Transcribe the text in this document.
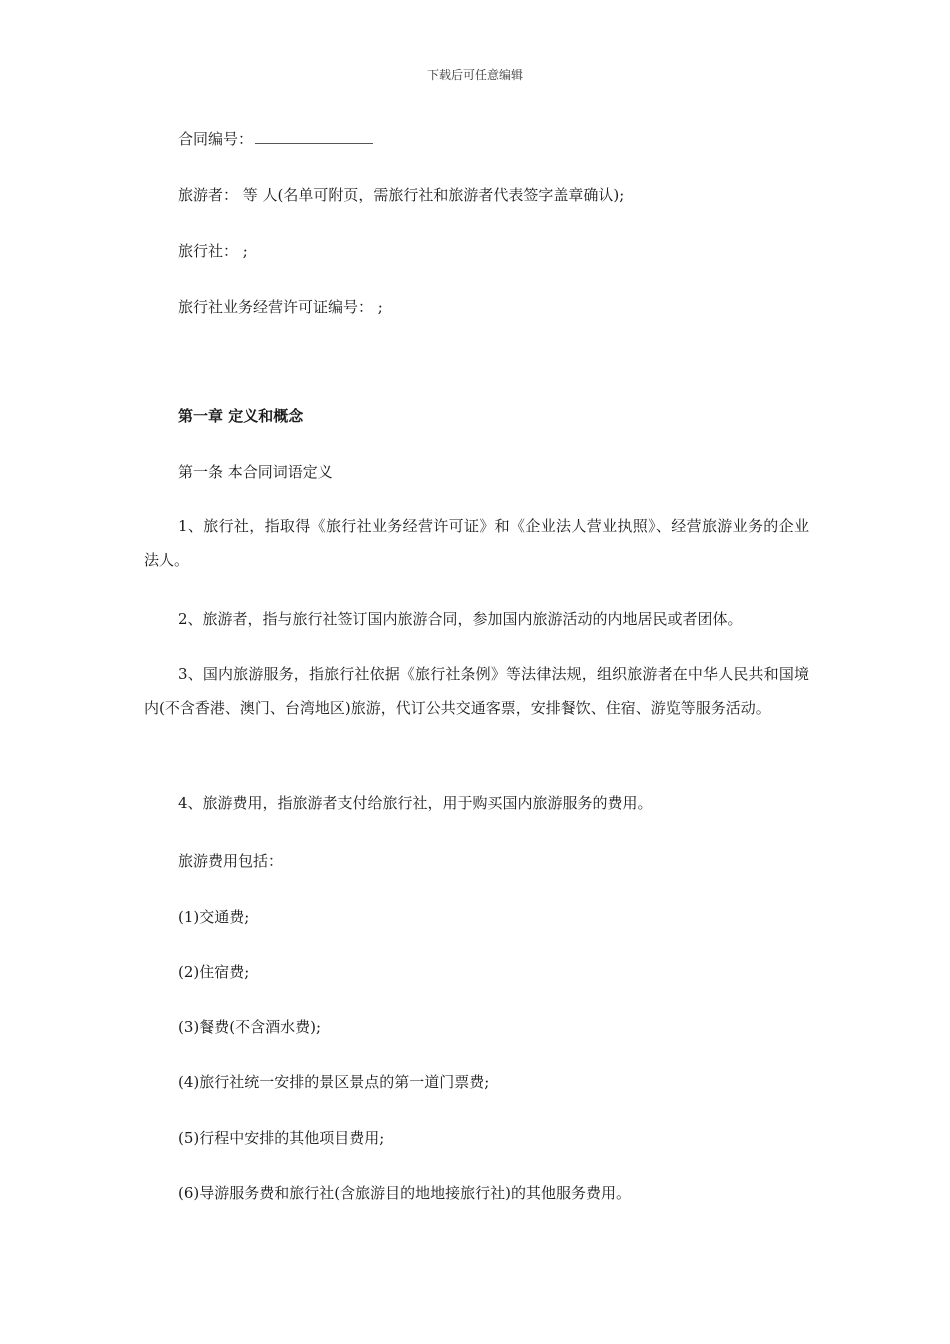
下载后可任意编辑
合同编号：
旅游者： 等 人(名单可附页，需旅行社和旅游者代表签字盖章确认);
旅行社： ;
旅行社业务经营许可证编号： ;
第一章 定义和概念
第一条 本合同词语定义
1、旅行社，指取得《旅行社业务经营许可证》和《企业法人营业执照》、经营旅游业务的企业法人。
2、旅游者，指与旅行社签订国内旅游合同，参加国内旅游活动的内地居民或者团体。
3、国内旅游服务，指旅行社依据《旅行社条例》等法律法规，组织旅游者在中华人民共和国境内(不含香港、澳门、台湾地区)旅游，代订公共交通客票，安排餐饮、住宿、游览等服务活动。
4、旅游费用，指旅游者支付给旅行社，用于购买国内旅游服务的费用。
旅游费用包括：
(1)交通费;
(2)住宿费;
(3)餐费(不含酒水费);
(4)旅行社统一安排的景区景点的第一道门票费;
(5)行程中安排的其他项目费用;
(6)导游服务费和旅行社(含旅游目的地地接旅行社)的其他服务费用。
